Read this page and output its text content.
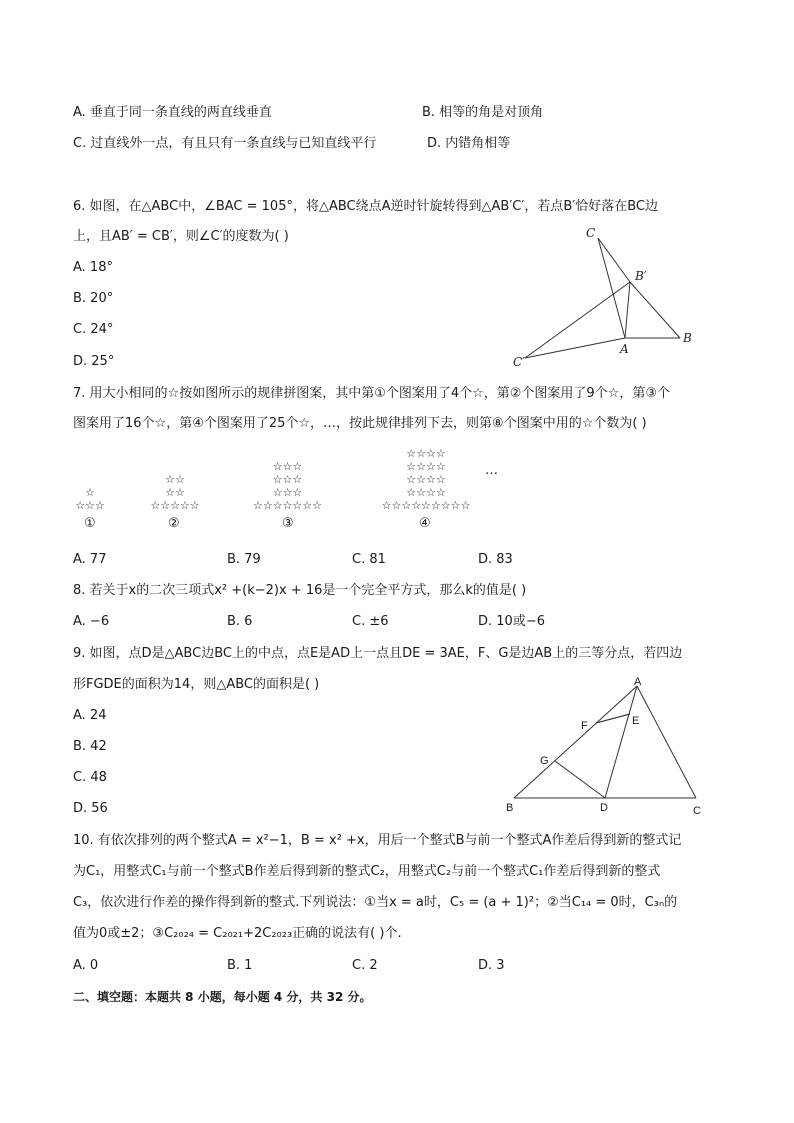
A. 垂直于同一条直线的两直线垂直	B. 相等的角是对顶角
C. 过直线外一点，有且只有一条直线与已知直线平行	D. 内错角相等
6. 如图，在△ABC中，∠BAC = 105°，将△ABC绕点A逆时针旋转得到△AB′C′，若点B′恰好落在BC边
上，且AB′ = CB′，则∠C′的度数为( )
A. 18°
B. 20°
C. 24°
D. 25°
C
B′
B
A
C′
7. 用大小相同的☆按如图所示的规律拼图案，其中第①个图案用了4个☆，第②个图案用了9个☆，第③个
图案用了16个☆，第④个图案用了25个☆，…，按此规律排列下去，则第⑧个图案中用的☆个数为( )
☆
☆☆☆
☆☆
☆☆
☆☆☆☆☆
☆☆☆
☆☆☆
☆☆☆
☆☆☆☆☆☆☆
☆☆☆☆
☆☆☆☆
☆☆☆☆
☆☆☆☆
☆☆☆☆☆☆☆☆☆
…
①	②	③	④
A. 77	B. 79	C. 81	D. 83
8. 若关于x的二次三项式x² +(k−2)x + 16是一个完全平方式，那么k的值是( )
A. −6	B. 6	C. ±6	D. 10或−6
9. 如图，点D是△ABC边BC上的中点，点E是AD上一点且DE = 3AE，F、G是边AB上的三等分点，若四边
形FGDE的面积为14，则△ABC的面积是( )
A. 24
B. 42
C. 48
D. 56
A
F	E
G
B	D	C
10. 有依次排列的两个整式A = x²−1，B = x² +x，用后一个整式B与前一个整式A作差后得到新的整式记
为C₁，用整式C₁与前一个整式B作差后得到新的整式C₂，用整式C₂与前一个整式C₁作差后得到新的整式
C₃，依次进行作差的操作得到新的整式.下列说法：①当x = a时，C₅ = (a + 1)²；②当C₁₄ = 0时，C₃ₙ的
值为0或±2；③C₂₀₂₄ = C₂₀₂₁+2C₂₀₂₃正确的说法有( )个.
A. 0	B. 1	C. 2	D. 3
二、填空题：本题共 8 小题，每小题 4 分，共 32 分。
